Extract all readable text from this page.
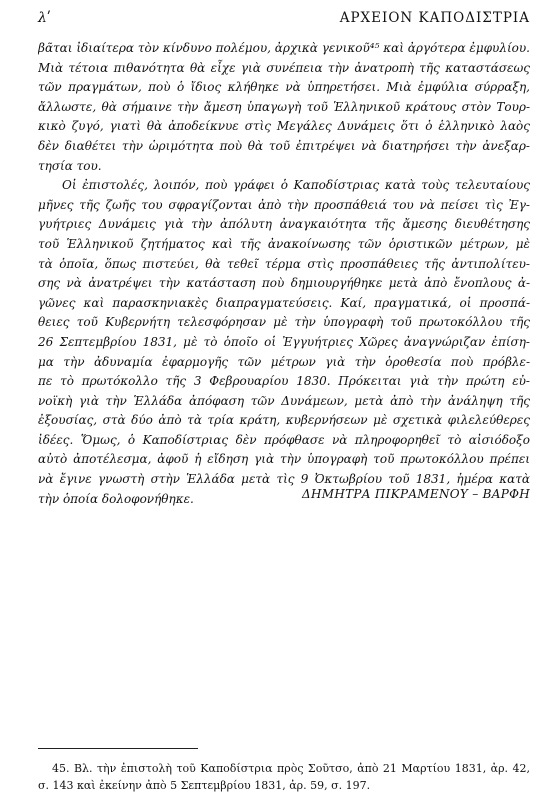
λʹ	ΑΡΧΕΙΟΝ ΚΑΠΟΔΙΣΤΡΙΑ
βᾶται ἰδιαίτερα τὸν κίνδυνο πολέμου, ἀρχικὰ γενικοῦ⁴⁵ καὶ ἀργότερα ἐμφυλίου.
Μιὰ τέτοια πιθανότητα θὰ εἶχε γιὰ συνέπεια τὴν ἀνατροπὴ τῆς καταστάσεως
τῶν πραγμάτων, ποὺ ὁ ἴδιος κλήθηκε νὰ ὑπηρετήσει. Μιὰ ἐμφύλια σύρραξη,
ἄλλωστε, θὰ σήμαινε τὴν ἄμεση ὑπαγωγὴ τοῦ Ἑλληνικοῦ κράτους στὸν Τουρ-
κικὸ ζυγό, γιατὶ θὰ ἀποδείκνυε στὶς Μεγάλες Δυνάμεις ὅτι ὁ ἑλληνικὸ λαὸς
δὲν διαθέτει τὴν ὡριμότητα ποὺ θὰ τοῦ ἐπιτρέψει νὰ διατηρήσει τὴν ἀνεξαρ-
τησία του.
Οἱ ἐπιστολές, λοιπόν, ποὺ γράφει ὁ Καποδίστριας κατὰ τοὺς τελευταίους
μῆνες τῆς ζωῆς του σφραγίζονται ἀπὸ τὴν προσπάθειά του νὰ πείσει τὶς Ἐγ-
γυήτριες Δυνάμεις γιὰ τὴν ἀπόλυτη ἀναγκαιότητα τῆς ἄμεσης διευθέτησης
τοῦ Ἑλληνικοῦ ζητήματος καὶ τῆς ἀνακοίνωσης τῶν ὁριστικῶν μέτρων, μὲ
τὰ ὁποῖα, ὅπως πιστεύει, θὰ τεθεῖ τέρμα στὶς προσπάθειες τῆς ἀντιπολίτευ-
σης νὰ ἀνατρέψει τὴν κατάσταση ποὺ δημιουργήθηκε μετὰ ἀπὸ ἔνοπλους ἀ-
γῶνες καὶ παρασκηνιακὲς διαπραγματεύσεις. Καί, πραγματικά, οἱ προσπά-
θειες τοῦ Κυβερνήτη τελεσφόρησαν μὲ τὴν ὑπογραφὴ τοῦ πρωτοκόλλου τῆς
26 Σεπτεμβρίου 1831, μὲ τὸ ὁποῖο οἱ Ἐγγυήτριες Χῶρες ἀναγνώριζαν ἐπίση-
μα τὴν ἀδυναμία ἐφαρμογῆς τῶν μέτρων γιὰ τὴν ὁροθεσία ποὺ πρόβλε-
πε τὸ πρωτόκολλο τῆς 3 Φεβρουαρίου 1830. Πρόκειται γιὰ τὴν πρώτη εὐ-
νοϊκὴ γιὰ τὴν Ἑλλάδα ἀπόφαση τῶν Δυνάμεων, μετὰ ἀπὸ τὴν ἀνάληψη τῆς
ἐξουσίας, στὰ δύο ἀπὸ τὰ τρία κράτη, κυβερνήσεων μὲ σχετικὰ φιλελεύθερες
ἰδέες. Ὅμως, ὁ Καποδίστριας δὲν πρόφθασε νὰ πληροφορηθεῖ τὸ αἰσιόδοξο
αὐτὸ ἀποτέλεσμα, ἀφοῦ ἡ εἴδηση γιὰ τὴν ὑπογραφὴ τοῦ πρωτοκόλλου πρέπει
νὰ ἔγινε γνωστὴ στὴν Ἑλλάδα μετὰ τὶς 9 Ὀκτωβρίου τοῦ 1831, ἡμέρα κατὰ
τὴν ὁποία δολοφονήθηκε.	ΔΗΜΗΤΡΑ ΠΙΚΡΑΜΕΝΟΥ – ΒΑΡΦΗ
45. Βλ. τὴν ἐπιστολὴ τοῦ Καποδίστρια πρὸς Σοῦτσο, ἀπὸ 21 Μαρτίου 1831, ἀρ. 42,
σ. 143 καὶ ἐκείνην ἀπὸ 5 Σεπτεμβρίου 1831, ἀρ. 59, σ. 197.
